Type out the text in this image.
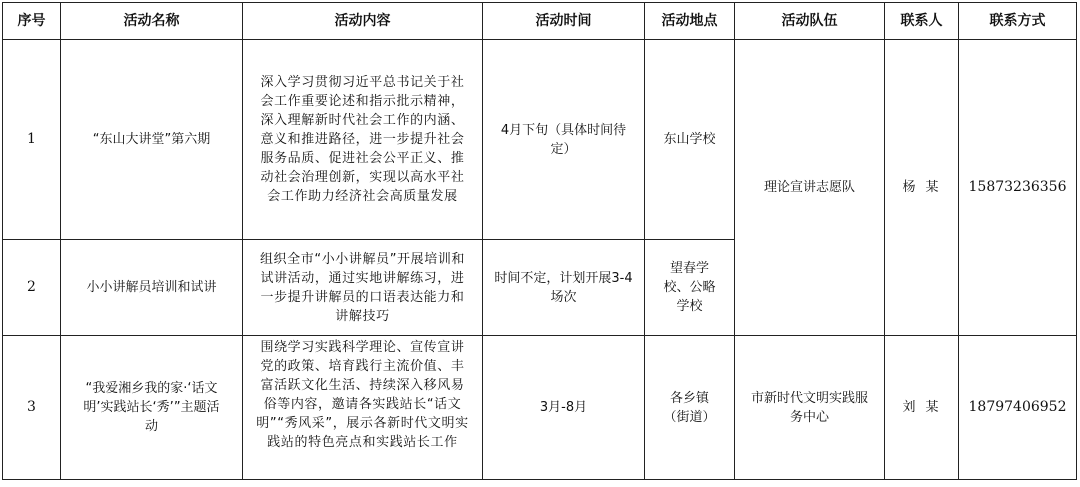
序号	活动名称	活动内容	活动时间	活动地点	活动队伍	联系人	联系方式
1	“东山大讲堂”第六期	深入学习贯彻习近平总书记关于社会工作重要论述和指示批示精神，深入理解新时代社会工作的内涵、意义和推进路径，进一步提升社会服务品质、促进社会公平正义、推动社会治理创新，实现以高水平社会工作助力经济社会高质量发展	4月下旬（具体时间待定）	东山学校	理论宣讲志愿队	杨某	15873236356
2	小小讲解员培训和试讲	组织全市“小小讲解员”开展培训和试讲活动，通过实地讲解练习，进一步提升讲解员的口语表达能力和讲解技巧	时间不定，计划开展3-4场次	望春学校、公略学校			
3	“我爱湘乡我的家·‘话文明’实践站长‘秀’”主题活动	围绕学习实践科学理论、宣传宣讲党的政策、培育践行主流价值、丰富活跃文化生活、持续深入移风易俗等内容，邀请各实践站长“话文明”“秀风采”，展示各新时代文明实践站的特色亮点和实践站长工作	3月-8月	各乡镇（街道）	市新时代文明实践服务中心	刘某	18797406952
